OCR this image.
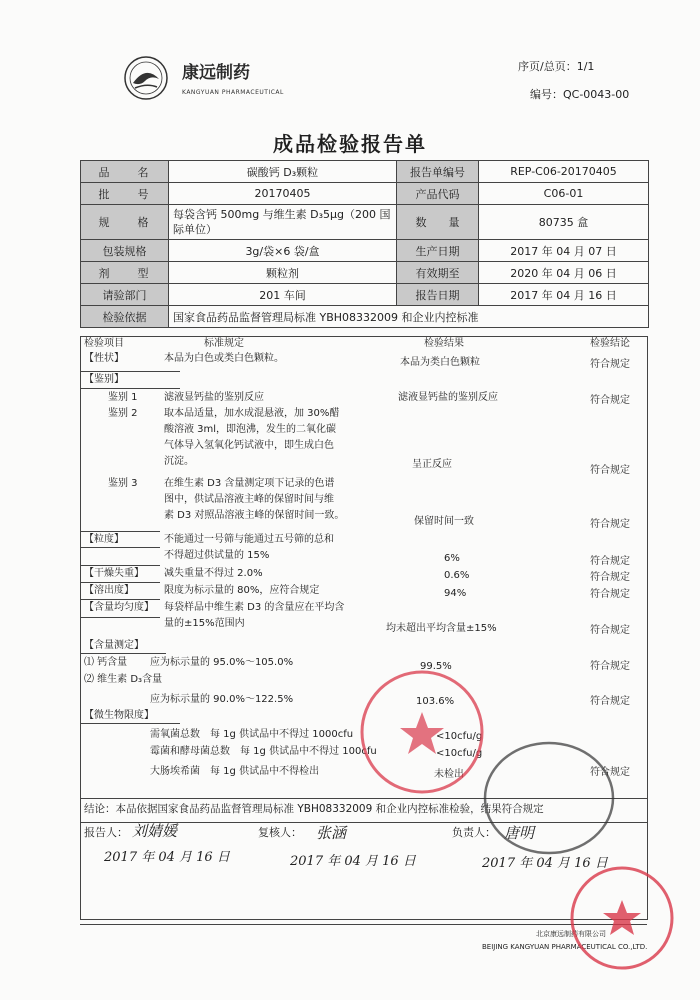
康远制药
KANGYUAN PHARMACEUTICAL
序页/总页：1/1
编号：QC-0043-00
成品检验报告单
品　　名	碳酸钙 D₃颗粒	报告单编号	REP-C06-20170405
批　　号	20170405	产品代码	C06-01
规　　格	每袋含钙 500mg 与维生素 D₃5μg（200 国际单位）	数　　量	80735 盒
包装规格	3g/袋×6 袋/盒	生产日期	2017 年 04 月 07 日
剂　　型	颗粒剂	有效期至	2020 年 04 月 06 日
请验部门	201 车间	报告日期	2017 年 04 月 16 日
检验依据	国家食品药品监督管理局标准 YBH08332009 和企业内控标准		
检验项目	标准规定	检验结果	检验结论
【性状】	本品为白色或类白色颗粒。	本品为类白色颗粒	符合规定
【鉴别】
鉴别 1	滤液显钙盐的鉴别反应	滤液显钙盐的鉴别反应	符合规定
鉴别 2	取本品适量，加水成混悬液，加 30%醋
酸溶液 3ml，即泡沸，发生的二氧化碳
气体导入氢氧化钙试液中，即生成白色
沉淀。	呈正反应
符合规定
鉴别 3	在维生素 D3 含量测定项下记录的色谱
图中，供试品溶液主峰的保留时间与维
素 D3 对照品溶液主峰的保留时间一致。
保留时间一致	符合规定
【粒度】	不能通过一号筛与能通过五号筛的总和
不得超过供试量的 15%	6%	符合规定
【干燥失重】 减失重量不得过 2.0%	0.6%	符合规定
【溶出度】	限度为标示量的 80%，应符合规定	94%	符合规定
【含量均匀度】 每袋样品中维生素 D3 的含量应在平均含
量的±15%范围内	均未超出平均含量±15%	符合规定
【含量测定】
⑴ 钙含量 应为标示量的 95.0%～105.0%	99.5%	符合规定
⑵ 维生素 D₃含量
应为标示量的 90.0%～122.5%	103.6%	符合规定
【微生物限度】
需氧菌总数　每 1g 供试品中不得过 1000cfu	<10cfu/g
霉菌和酵母菌总数　每 1g 供试品中不得过 100cfu	<10cfu/g
大肠埃希菌　每 1g 供试品中不得检出	未检出	符合规定
结论：本品依据国家食品药品监督管理局标准 YBH08332009 和企业内控标准检验，结果符合规定
报告人： 刘婧媛	复核人： 张涵	负责人： 唐明
2017 年 04 月 16 日	2017 年 04 月 16 日	2017 年 04 月 16 日
北京康远制药有限公司
BEIJING KANGYUAN PHARMACEUTICAL CO.,LTD.
